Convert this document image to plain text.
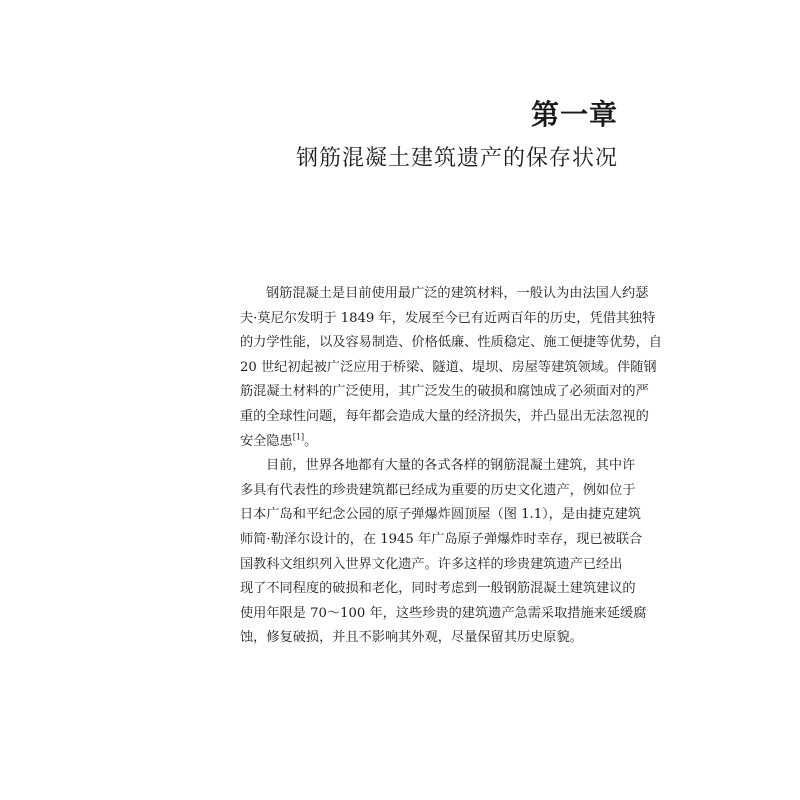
第一章
钢筋混凝土建筑遗产的保存状况

钢筋混凝土是目前使用最广泛的建筑材料，一般认为由法国人约瑟
夫·莫尼尔发明于 1849 年，发展至今已有近两百年的历史，凭借其独特
的力学性能，以及容易制造、价格低廉、性质稳定、施工便捷等优势，自
20 世纪初起被广泛应用于桥梁、隧道、堤坝、房屋等建筑领域。伴随钢
筋混凝土材料的广泛使用，其广泛发生的破损和腐蚀成了必须面对的严
重的全球性问题，每年都会造成大量的经济损失，并凸显出无法忽视的
安全隐患[1]。

目前，世界各地都有大量的各式各样的钢筋混凝土建筑，其中许
多具有代表性的珍贵建筑都已经成为重要的历史文化遗产，例如位于
日本广岛和平纪念公园的原子弹爆炸圆顶屋（图 1.1），是由捷克建筑
师简·勒泽尔设计的，在 1945 年广岛原子弹爆炸时幸存，现已被联合
国教科文组织列入世界文化遗产。许多这样的珍贵建筑遗产已经出
现了不同程度的破损和老化，同时考虑到一般钢筋混凝土建筑建议的
使用年限是 70～100 年，这些珍贵的建筑遗产急需采取措施来延缓腐
蚀，修复破损，并且不影响其外观，尽量保留其历史原貌。
